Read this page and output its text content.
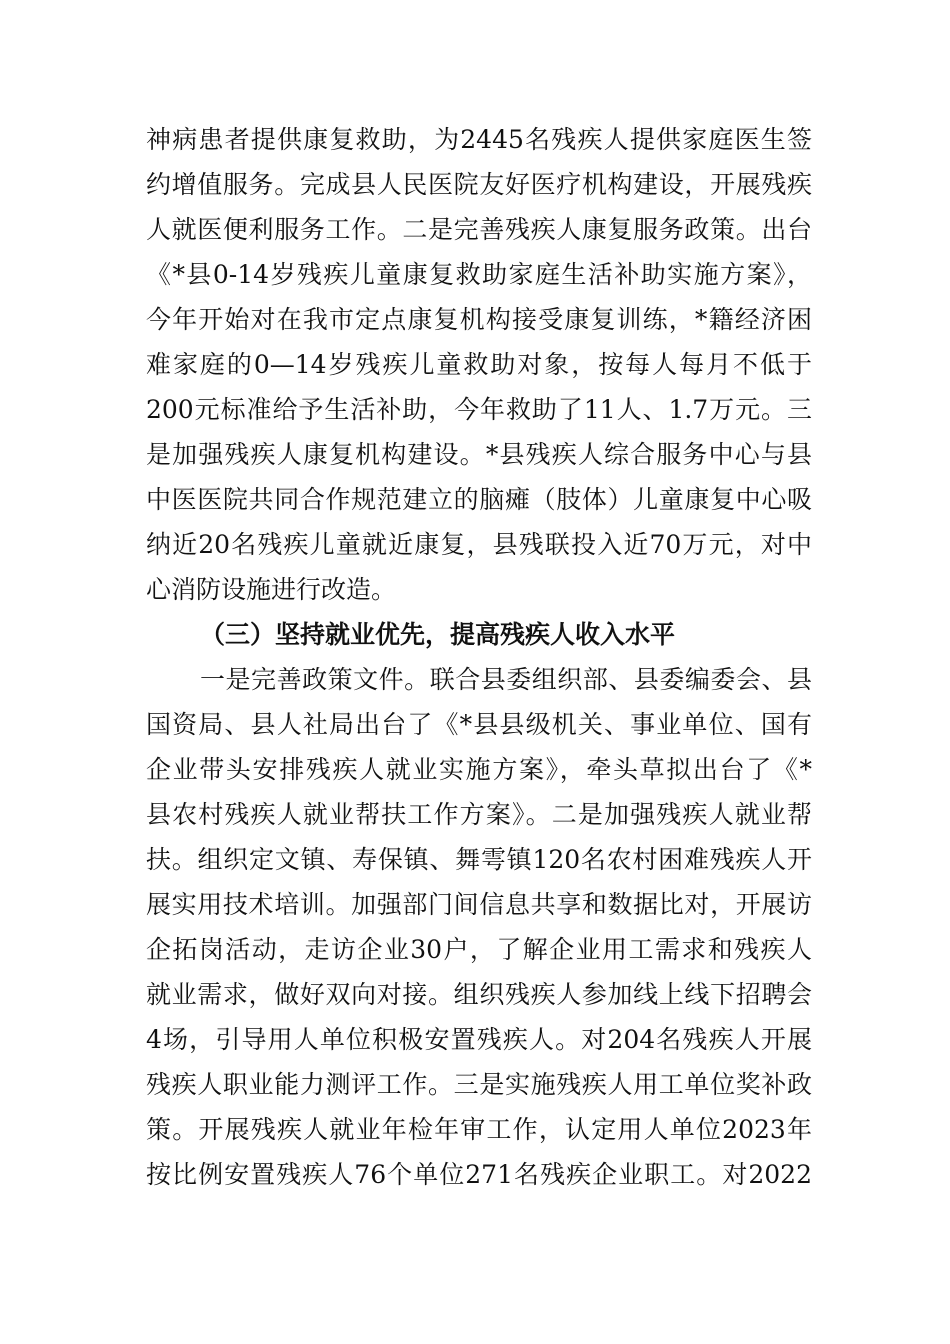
神病患者提供康复救助，为2445名残疾人提供家庭医生签
约增值服务。完成县人民医院友好医疗机构建设，开展残疾
人就医便利服务工作。二是完善残疾人康复服务政策。出台
《*县0-14岁残疾儿童康复救助家庭生活补助实施方案》，
今年开始对在我市定点康复机构接受康复训练，*籍经济困
难家庭的0—14岁残疾儿童救助对象，按每人每月不低于
200元标准给予生活补助，今年救助了11人、1.7万元。三
是加强残疾人康复机构建设。*县残疾人综合服务中心与县
中医医院共同合作规范建立的脑瘫（肢体）儿童康复中心吸
纳近20名残疾儿童就近康复，县残联投入近70万元，对中
心消防设施进行改造。
（三）坚持就业优先，提高残疾人收入水平
一是完善政策文件。联合县委组织部、县委编委会、县
国资局、县人社局出台了《*县县级机关、事业单位、国有
企业带头安排残疾人就业实施方案》，牵头草拟出台了《*
县农村残疾人就业帮扶工作方案》。二是加强残疾人就业帮
扶。组织定文镇、寿保镇、舞雩镇120名农村困难残疾人开
展实用技术培训。加强部门间信息共享和数据比对，开展访
企拓岗活动，走访企业30户，了解企业用工需求和残疾人
就业需求，做好双向对接。组织残疾人参加线上线下招聘会
4场，引导用人单位积极安置残疾人。对204名残疾人开展
残疾人职业能力测评工作。三是实施残疾人用工单位奖补政
策。开展残疾人就业年检年审工作，认定用人单位2023年
按比例安置残疾人76个单位271名残疾企业职工。对2022
